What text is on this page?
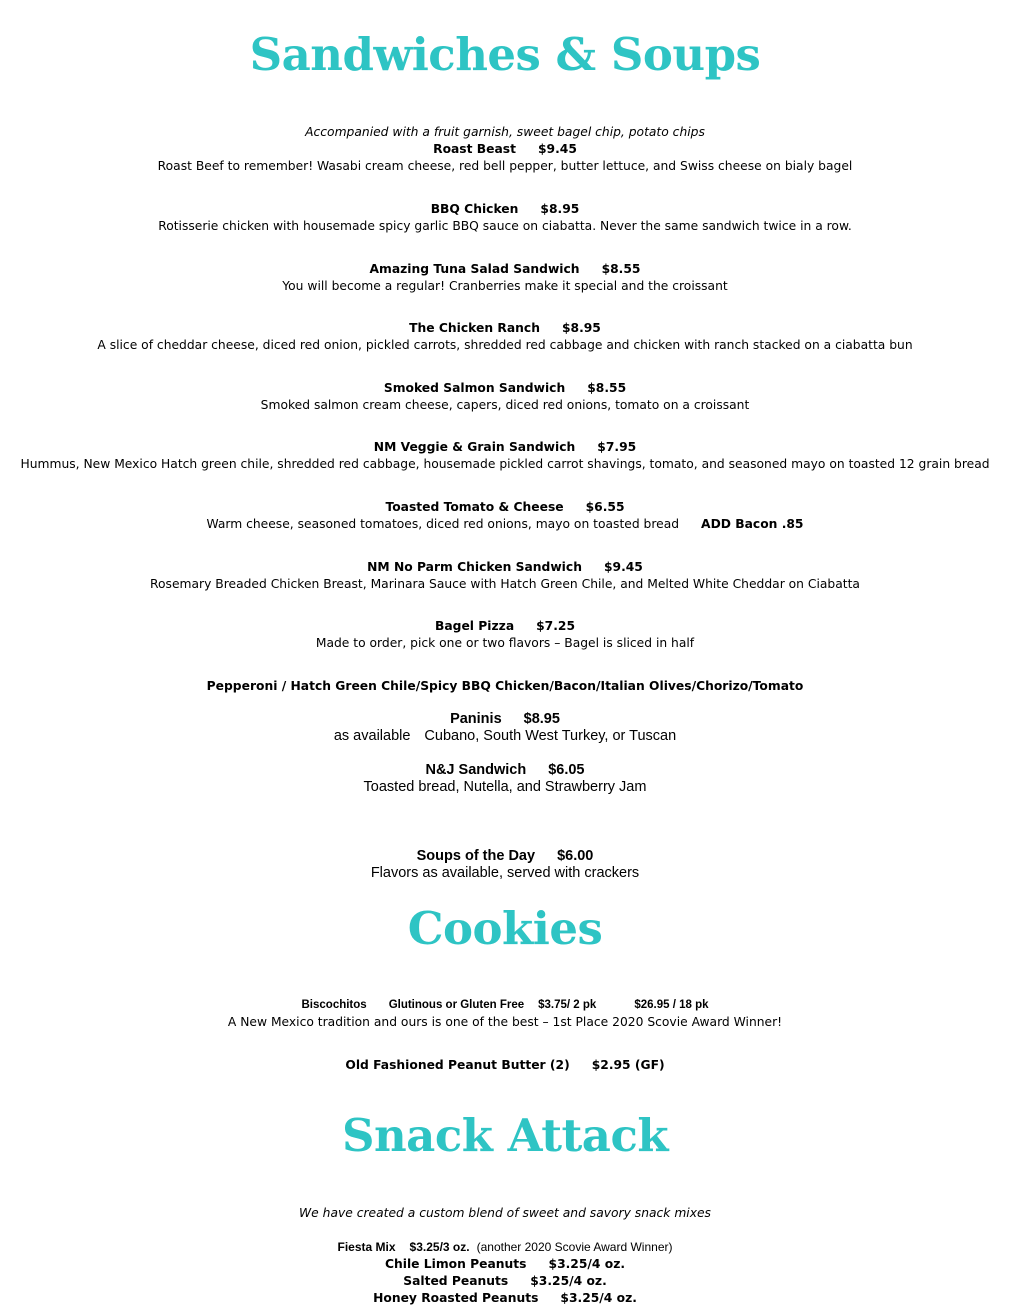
Sandwiches & Soups
Accompanied with a fruit garnish, sweet bagel chip, potato chips
Roast Beast $9.45
Roast Beef to remember! Wasabi cream cheese, red bell pepper, butter lettuce, and Swiss cheese on bialy bagel
BBQ Chicken $8.95
Rotisserie chicken with housemade spicy garlic BBQ sauce on ciabatta. Never the same sandwich twice in a row.
Amazing Tuna Salad Sandwich $8.55
You will become a regular! Cranberries make it special and the croissant
The Chicken Ranch $8.95
A slice of cheddar cheese, diced red onion, pickled carrots, shredded red cabbage and chicken with ranch stacked on a ciabatta bun
Smoked Salmon Sandwich $8.55
Smoked salmon cream cheese, capers, diced red onions, tomato on a croissant
NM Veggie & Grain Sandwich $7.95
Hummus, New Mexico Hatch green chile, shredded red cabbage, housemade pickled carrot shavings, tomato, and seasoned mayo on toasted 12 grain bread
Toasted Tomato & Cheese $6.55
Warm cheese, seasoned tomatoes, diced red onions, mayo on toasted bread ADD Bacon .85
NM No Parm Chicken Sandwich $9.45
Rosemary Breaded Chicken Breast, Marinara Sauce with Hatch Green Chile, and Melted White Cheddar on Ciabatta
Bagel Pizza $7.25
Made to order, pick one or two flavors – Bagel is sliced in half
Pepperoni / Hatch Green Chile/Spicy BBQ Chicken/Bacon/Italian Olives/Chorizo/Tomato
Paninis $8.95
as available Cubano, South West Turkey, or Tuscan
N&J Sandwich $6.05
Toasted bread, Nutella, and Strawberry Jam
Soups of the Day $6.00
Flavors as available, served with crackers
Cookies
Biscochitos Glutinous or Gluten Free $3.75/ 2 pk	$26.95 / 18 pk
A New Mexico tradition and ours is one of the best – 1st Place 2020 Scovie Award Winner!
Old Fashioned Peanut Butter (2) $2.95 (GF)
Snack Attack
We have created a custom blend of sweet and savory snack mixes
Fiesta Mix $3.25/3 oz. (another 2020 Scovie Award Winner)
Chile Limon Peanuts $3.25/4 oz.
Salted Peanuts $3.25/4 oz.
Honey Roasted Peanuts $3.25/4 oz.
